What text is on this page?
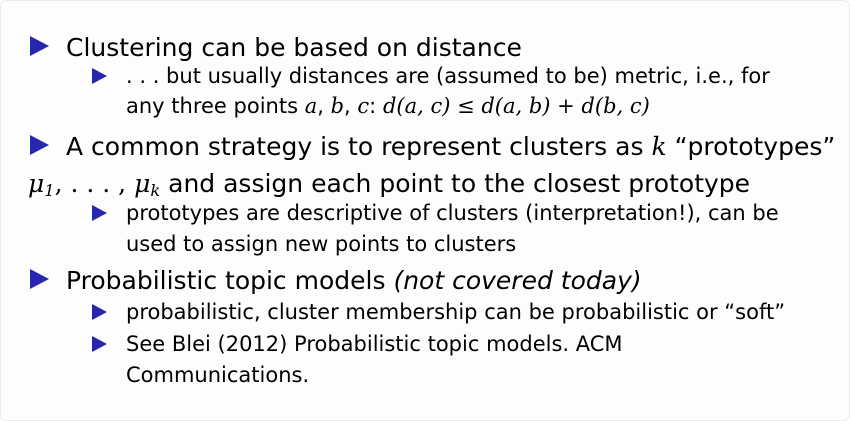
Clustering can be based on distance
. . . but usually distances are (assumed to be) metric, i.e., for
any three points a, b, c: d(a, c) ≤ d(a, b) + d(b, c)
A common strategy is to represent clusters as k “prototypes”
$\mu_1$, . . . , $\mu_k$ and assign each point to the closest prototype
prototypes are descriptive of clusters (interpretation!), can be
used to assign new points to clusters
Probabilistic topic models (not covered today)
probabilistic, cluster membership can be probabilistic or “soft”
See Blei (2012) Probabilistic topic models. ACM
Communications.
